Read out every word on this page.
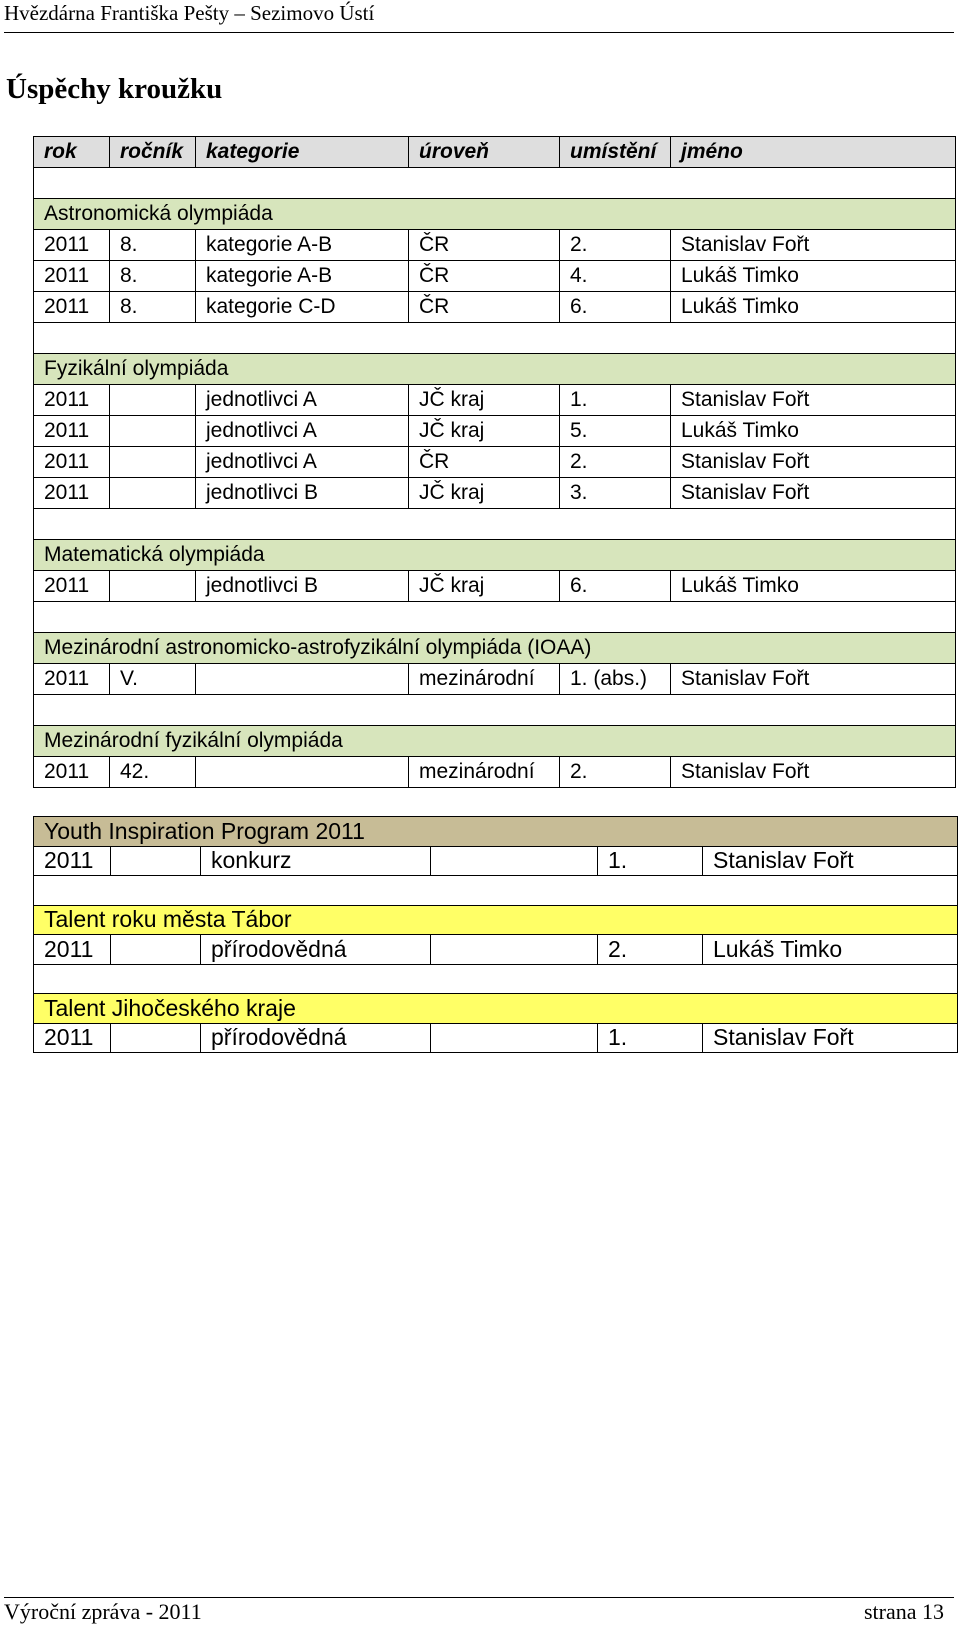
Hvězdárna Františka Pešty – Sezimovo Ústí
Úspěchy kroužku
rok	ročník	kategorie	úroveň	umístění	jméno

Astronomická olympiáda					
2011	8.	kategorie A-B	ČR	2.	Stanislav Fořt
2011	8.	kategorie A-B	ČR	4.	Lukáš Timko
2011	8.	kategorie C-D	ČR	6.	Lukáš Timko

Fyzikální olympiáda					
2011		jednotlivci A	JČ kraj	1.	Stanislav Fořt
2011		jednotlivci A	JČ kraj	5.	Lukáš Timko
2011		jednotlivci A	ČR	2.	Stanislav Fořt
2011		jednotlivci B	JČ kraj	3.	Stanislav Fořt

Matematická olympiáda					
2011		jednotlivci B	JČ kraj	6.	Lukáš Timko

Mezinárodní astronomicko-astrofyzikální olympiáda (IOAA)					
2011	V.		mezinárodní	1. (abs.)	Stanislav Fořt

Mezinárodní fyzikální olympiáda					
2011	42.		mezinárodní	2.	Stanislav Fořt
Youth Inspiration Program 2011					
2011		konkurz		1.	Stanislav Fořt

Talent roku města Tábor					
2011		přírodovědná		2.	Lukáš Timko

Talent Jihočeského kraje					
2011		přírodovědná		1.	Stanislav Fořt
Výroční zpráva - 2011	strana 13
